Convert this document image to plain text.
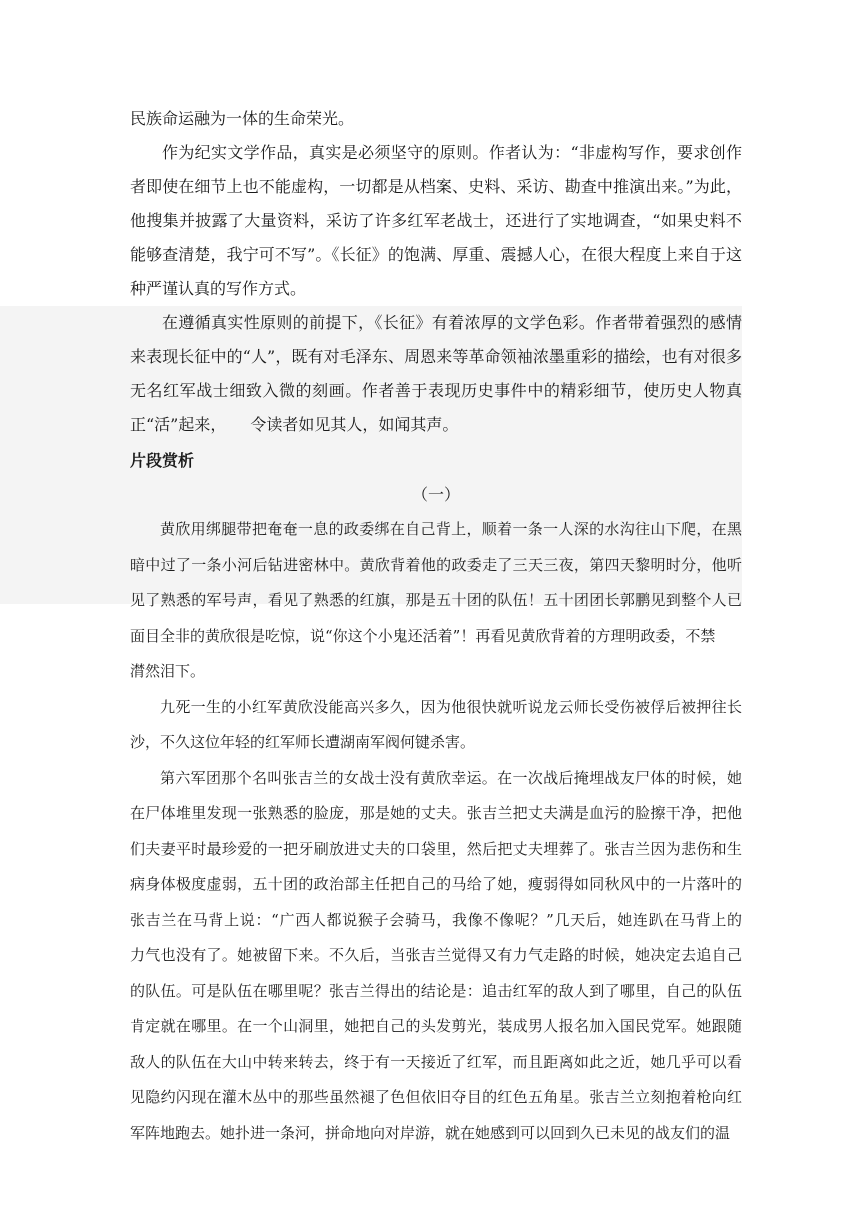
民族命运融为一体的生命荣光。

作为纪实文学作品，真实是必须坚守的原则。作者认为：“非虚构写作，要求创作者即使在细节上也不能虚构，一切都是从档案、史料、采访、勘查中推演出来。”为此，他搜集并披露了大量资料，采访了许多红军老战士，还进行了实地调查，“如果史料不能够查清楚，我宁可不写”。《长征》的饱满、厚重、震撼人心，在很大程度上来自于这种严谨认真的写作方式。

在遵循真实性原则的前提下，《长征》有着浓厚的文学色彩。作者带着强烈的感情来表现长征中的“人”，既有对毛泽东、周恩来等革命领袖浓墨重彩的描绘，也有对很多无名红军战士细致入微的刻画。作者善于表现历史事件中的精彩细节，使历史人物真正“活”起来，　　令读者如见其人，如闻其声。

片段赏析

（一）

黄欣用绑腿带把奄奄一息的政委绑在自己背上，顺着一条一人深的水沟往山下爬，在黑　　暗中过了一条小河后钻进密林中。黄欣背着他的政委走了三天三夜，第四天黎明时分，他听　　见了熟悉的军号声，看见了熟悉的红旗，那是五十团的队伍！五十团团长郭鹏见到整个人已　　面目全非的黄欣很是吃惊，说“你这个小鬼还活着”！再看见黄欣背着的方理明政委，不禁

潸然泪下。

九死一生的小红军黄欣没能高兴多久，因为他很快就听说龙云师长受伤被俘后被押往长　沙，不久这位年轻的红军师长遭湖南军阀何键杀害。

第六军团那个名叫张吉兰的女战士没有黄欣幸运。在一次战后掩埋战友尸体的时候，她　　在尸体堆里发现一张熟悉的脸庞，那是她的丈夫。张吉兰把丈夫满是血污的脸擦干净，把他　　们夫妻平时最珍爱的一把牙刷放进丈夫的口袋里，然后把丈夫埋葬了。张吉兰因为悲伤和生　　病身体极度虚弱，五十团的政治部主任把自己的马给了她，瘦弱得如同秋风中的一片落叶的　　张吉兰在马背上说：“广西人都说猴子会骑马，我像不像呢？”几天后，她连趴在马背上的　　力气也没有了。她被留下来。不久后，当张吉兰觉得又有力气走路的时候，她决定去追自己　　的队伍。可是队伍在哪里呢？张吉兰得出的结论是：追击红军的敌人到了哪里，自己的队伍　　肯定就在哪里。在一个山洞里，她把自己的头发剪光，装成男人报名加入国民党军。她跟随　　敌人的队伍在大山中转来转去，终于有一天接近了红军，而且距离如此之近，她几乎可以看　　见隐约闪现在灌木丛中的那些虽然褪了色但依旧夺目的红色五角星。张吉兰立刻抱着枪向红　　军阵地跑去。她扑进一条河，拼命地向对岸游，就在她感到可以回到久已未见的战友们的温
